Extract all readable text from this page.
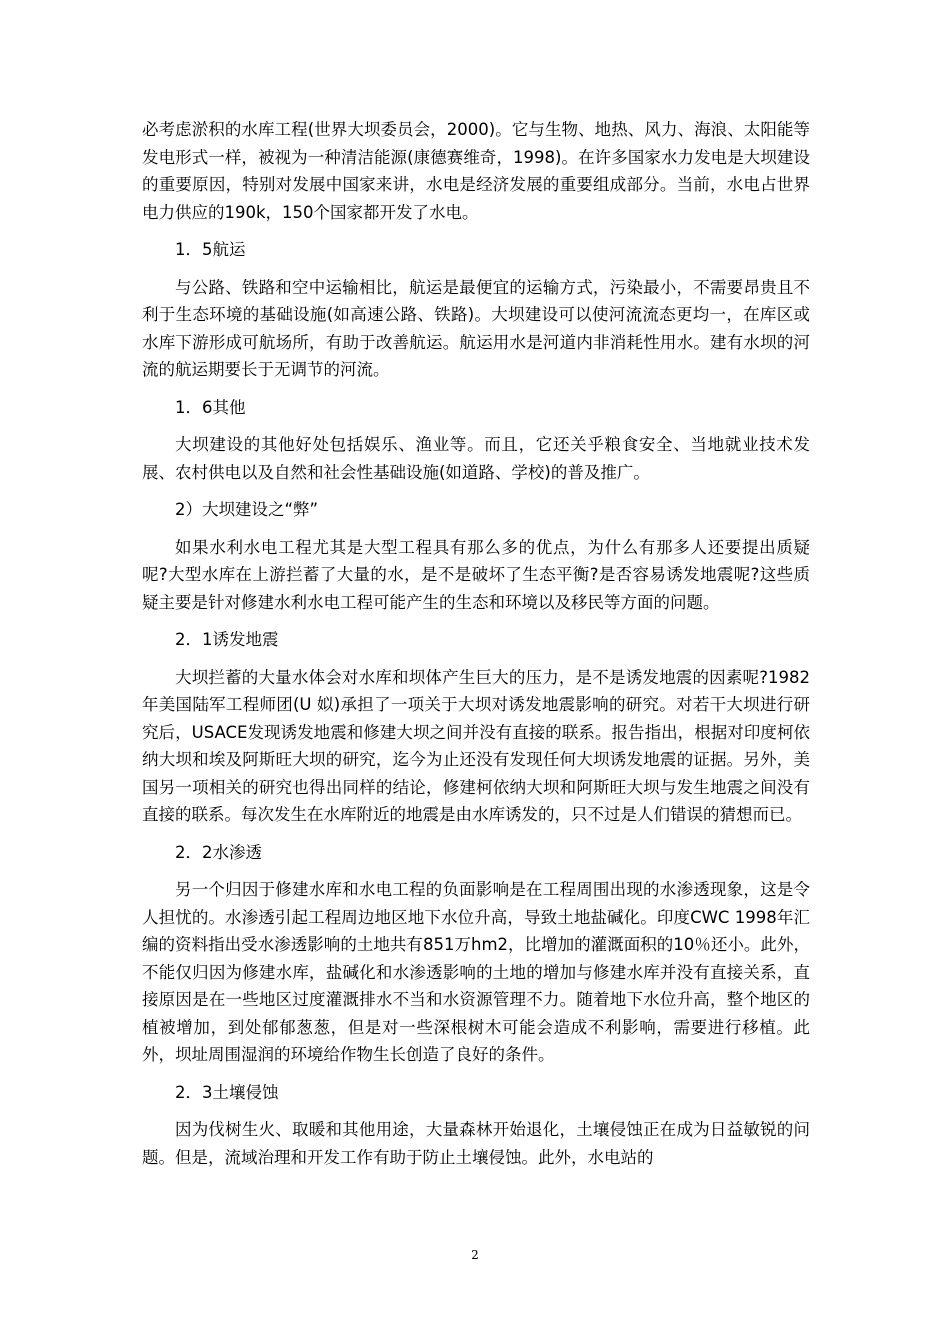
必考虑淤积的水库工程(世界大坝委员会，2000)。它与生物、地热、风力、海浪、太阳能等发电形式一样，被视为一种清洁能源(康德赛维奇，1998)。在许多国家水力发电是大坝建设的重要原因，特别对发展中国家来讲，水电是经济发展的重要组成部分。当前，水电占世界电力供应的190k，150个国家都开发了水电。

1．5航运

与公路、铁路和空中运输相比，航运是最便宜的运输方式，污染最小，不需要昂贵且不利于生态环境的基础设施(如高速公路、铁路)。大坝建设可以使河流流态更均一，在库区或水库下游形成可航场所，有助于改善航运。航运用水是河道内非消耗性用水。建有水坝的河流的航运期要长于无调节的河流。

1．6其他

大坝建设的其他好处包括娱乐、渔业等。而且，它还关乎粮食安全、当地就业技术发展、农村供电以及自然和社会性基础设施(如道路、学校)的普及推广。

2）大坝建设之“弊”

如果水利水电工程尤其是大型工程具有那么多的优点，为什么有那多人还要提出质疑呢?大型水库在上游拦蓄了大量的水，是不是破坏了生态平衡?是否容易诱发地震呢?这些质疑主要是针对修建水利水电工程可能产生的生态和环境以及移民等方面的问题。

2．1诱发地震

大坝拦蓄的大量水体会对水库和坝体产生巨大的压力，是不是诱发地震的因素呢?1982年美国陆军工程师团(U 姒)承担了一项关于大坝对诱发地震影响的研究。对若干大坝进行研究后，USACE发现诱发地震和修建大坝之间并没有直接的联系。报告指出，根据对印度柯依纳大坝和埃及阿斯旺大坝的研究，迄今为止还没有发现任何大坝诱发地震的证据。另外，美国另一项相关的研究也得出同样的结论，修建柯依纳大坝和阿斯旺大坝与发生地震之间没有直接的联系。每次发生在水库附近的地震是由水库诱发的，只不过是人们错误的猜想而已。

2．2水渗透

另一个归因于修建水库和水电工程的负面影响是在工程周围出现的水渗透现象，这是令人担忧的。水渗透引起工程周边地区地下水位升高，导致土地盐碱化。印度CWC 1998年汇编的资料指出受水渗透影响的土地共有851万hm2，比增加的灌溉面积的10％还小。此外，不能仅归因为修建水库，盐碱化和水渗透影响的土地的增加与修建水库并没有直接关系，直接原因是在一些地区过度灌溉排水不当和水资源管理不力。随着地下水位升高，整个地区的植被增加，到处郁郁葱葱，但是对一些深根树木可能会造成不利影响，需要进行移植。此外，坝址周围湿润的环境给作物生长创造了良好的条件。

2．3土壤侵蚀

因为伐树生火、取暖和其他用途，大量森林开始退化，土壤侵蚀正在成为日益敏锐的问题。但是，流域治理和开发工作有助于防止土壤侵蚀。此外，水电站的

2
